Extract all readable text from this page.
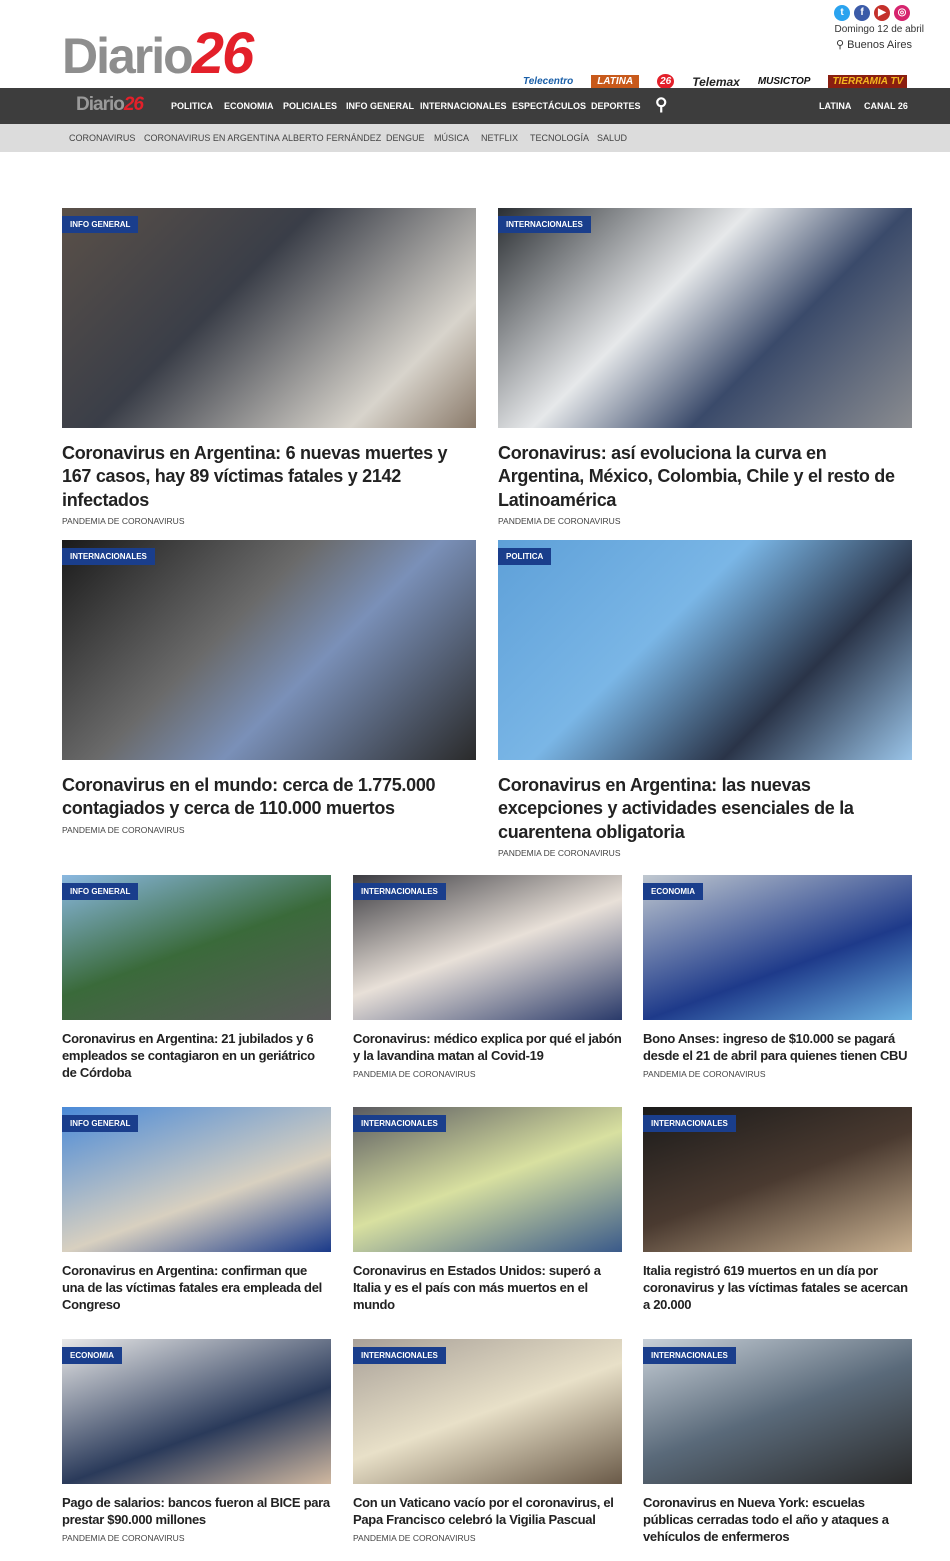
Diario26
t	f	▶	◎
Domingo 12 de abril
⚲ Buenos Aires
Telecentro	LATINA	26 Telemax MUSICTOP	TIERRAMIA TV
Diario26	POLITICA ECONOMIA POLICIALES INFO GENERAL INTERNACIONALES ESPECTÁCULOS DEPORTES ⚲	LATINA CANAL 26
CORONAVIRUS CORONAVIRUS EN ARGENTINA ALBERTO FERNÁNDEZ DENGUE MÚSICA NETFLIX TECNOLOGÍA SALUD
INFO GENERAL
Coronavirus en Argentina: 6 nuevas muertes y 167 casos, hay 89 víctimas fatales y 2142 infectados
PANDEMIA DE CORONAVIRUS
INTERNACIONALES
Coronavirus: así evoluciona la curva en Argentina, México, Colombia, Chile y el resto de Latinoamérica
PANDEMIA DE CORONAVIRUS
INTERNACIONALES
Coronavirus en el mundo: cerca de 1.775.000 contagiados y cerca de 110.000 muertos
PANDEMIA DE CORONAVIRUS
POLITICA
Coronavirus en Argentina: las nuevas excepciones y actividades esenciales de la cuarentena obligatoria
PANDEMIA DE CORONAVIRUS
INFO GENERAL
Coronavirus en Argentina: 21 jubilados y 6 empleados se contagiaron en un geriátrico de Córdoba
INTERNACIONALES
Coronavirus: médico explica por qué el jabón y la lavandina matan al Covid-19
PANDEMIA DE CORONAVIRUS
ECONOMIA
Bono Anses: ingreso de $10.000 se pagará desde el 21 de abril para quienes tienen CBU
PANDEMIA DE CORONAVIRUS
INFO GENERAL
Coronavirus en Argentina: confirman que una de las víctimas fatales era empleada del Congreso
INTERNACIONALES
Coronavirus en Estados Unidos: superó a Italia y es el país con más muertos en el mundo
INTERNACIONALES
Italia registró 619 muertos en un día por coronavirus y las víctimas fatales se acercan a 20.000
ECONOMIA
Pago de salarios: bancos fueron al BICE para prestar $90.000 millones
PANDEMIA DE CORONAVIRUS
INTERNACIONALES
Con un Vaticano vacío por el coronavirus, el Papa Francisco celebró la Vigilia Pascual
PANDEMIA DE CORONAVIRUS
INTERNACIONALES
Coronavirus en Nueva York: escuelas públicas cerradas todo el año y ataques a vehículos de enfermeros
